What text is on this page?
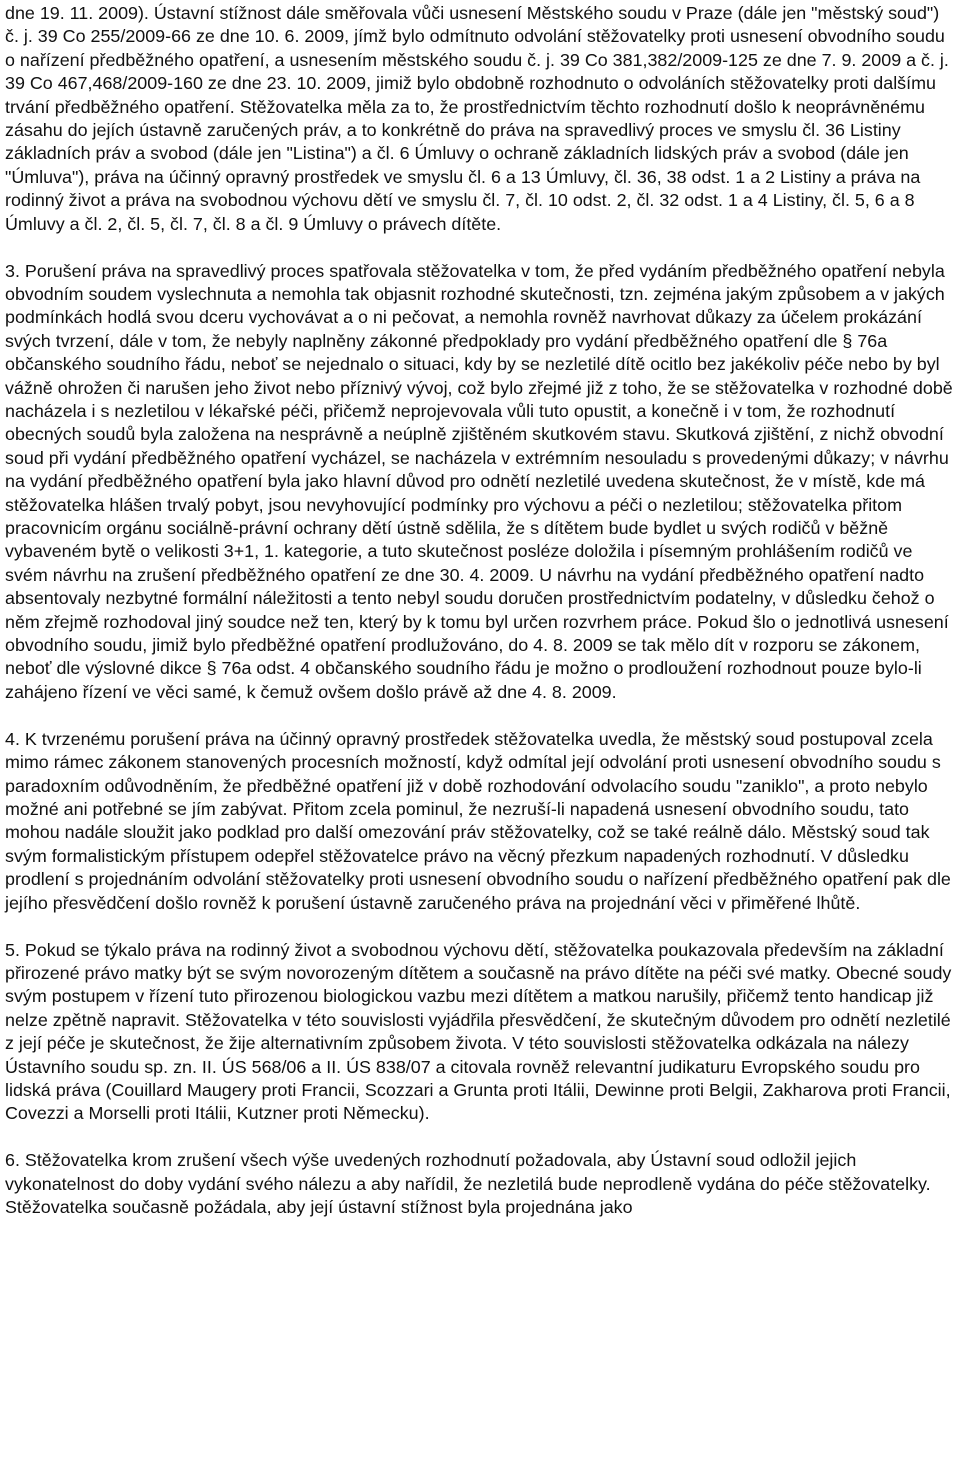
dne 19. 11. 2009). Ústavní stížnost dále směřovala vůči usnesení Městského soudu v Praze (dále jen "městský soud") č. j. 39 Co 255/2009-66 ze dne 10. 6. 2009, jímž bylo odmítnuto odvolání stěžovatelky proti usnesení obvodního soudu o nařízení předběžného opatření, a usnesením městského soudu č. j. 39 Co 381,382/2009-125 ze dne 7. 9. 2009 a č. j. 39 Co 467,468/2009-160 ze dne 23. 10. 2009, jimiž bylo obdobně rozhodnuto o odvoláních stěžovatelky proti dalšímu trvání předběžného opatření. Stěžovatelka měla za to, že prostřednictvím těchto rozhodnutí došlo k neoprávněnému zásahu do jejích ústavně zaručených práv, a to konkrétně do práva na spravedlivý proces ve smyslu čl. 36 Listiny základních práv a svobod (dále jen "Listina") a čl. 6 Úmluvy o ochraně základních lidských práv a svobod (dále jen "Úmluva"), práva na účinný opravný prostředek ve smyslu čl. 6 a 13 Úmluvy, čl. 36, 38 odst. 1 a 2 Listiny a práva na rodinný život a práva na svobodnou výchovu dětí ve smyslu čl. 7, čl. 10 odst. 2, čl. 32 odst. 1 a 4 Listiny, čl. 5, 6 a 8 Úmluvy a čl. 2, čl. 5, čl. 7, čl. 8 a čl. 9 Úmluvy o právech dítěte.

3. Porušení práva na spravedlivý proces spatřovala stěžovatelka v tom, že před vydáním předběžného opatření nebyla obvodním soudem vyslechnuta a nemohla tak objasnit rozhodné skutečnosti, tzn. zejména jakým způsobem a v jakých podmínkách hodlá svou dceru vychovávat a o ni pečovat, a nemohla rovněž navrhovat důkazy za účelem prokázání svých tvrzení, dále v tom, že nebyly naplněny zákonné předpoklady pro vydání předběžného opatření dle § 76a občanského soudního řádu, neboť se nejednalo o situaci, kdy by se nezletilé dítě ocitlo bez jakékoliv péče nebo by byl vážně ohrožen či narušen jeho život nebo příznivý vývoj, což bylo zřejmé již z toho, že se stěžovatelka v rozhodné době nacházela i s nezletilou v lékařské péči, přičemž neprojevovala vůli tuto opustit, a konečně i v tom, že rozhodnutí obecných soudů byla založena na nesprávně a neúplně zjištěném skutkovém stavu. Skutková zjištění, z nichž obvodní soud při vydání předběžného opatření vycházel, se nacházela v extrémním nesouladu s provedenými důkazy; v návrhu na vydání předběžného opatření byla jako hlavní důvod pro odnětí nezletilé uvedena skutečnost, že v místě, kde má stěžovatelka hlášen trvalý pobyt, jsou nevyhovující podmínky pro výchovu a péči o nezletilou; stěžovatelka přitom pracovnicím orgánu sociálně-právní ochrany dětí ústně sdělila, že s dítětem bude bydlet u svých rodičů v běžně vybaveném bytě o velikosti 3+1, 1. kategorie, a tuto skutečnost posléze doložila i písemným prohlášením rodičů ve svém návrhu na zrušení předběžného opatření ze dne 30. 4. 2009. U návrhu na vydání předběžného opatření nadto absentovaly nezbytné formální náležitosti a tento nebyl soudu doručen prostřednictvím podatelny, v důsledku čehož o něm zřejmě rozhodoval jiný soudce než ten, který by k tomu byl určen rozvrhem práce. Pokud šlo o jednotlivá usnesení obvodního soudu, jimiž bylo předběžné opatření prodlužováno, do 4. 8. 2009 se tak mělo dít v rozporu se zákonem, neboť dle výslovné dikce § 76a odst. 4 občanského soudního řádu je možno o prodloužení rozhodnout pouze bylo-li zahájeno řízení ve věci samé, k čemuž ovšem došlo právě až dne 4. 8. 2009.

4. K tvrzenému porušení práva na účinný opravný prostředek stěžovatelka uvedla, že městský soud postupoval zcela mimo rámec zákonem stanovených procesních možností, když odmítal její odvolání proti usnesení obvodního soudu s paradoxním odůvodněním, že předběžné opatření již v době rozhodování odvolacího soudu "zaniklo", a proto nebylo možné ani potřebné se jím zabývat. Přitom zcela pominul, že nezruší-li napadená usnesení obvodního soudu, tato mohou nadále sloužit jako podklad pro další omezování práv stěžovatelky, což se také reálně dálo. Městský soud tak svým formalistickým přístupem odepřel stěžovatelce právo na věcný přezkum napadených rozhodnutí. V důsledku prodlení s projednáním odvolání stěžovatelky proti usnesení obvodního soudu o nařízení předběžného opatření pak dle jejího přesvědčení došlo rovněž k porušení ústavně zaručeného práva na projednání věci v přiměřené lhůtě.

5. Pokud se týkalo práva na rodinný život a svobodnou výchovu dětí, stěžovatelka poukazovala především na základní přirozené právo matky být se svým novorozeným dítětem a současně na právo dítěte na péči své matky. Obecné soudy svým postupem v řízení tuto přirozenou biologickou vazbu mezi dítětem a matkou narušily, přičemž tento handicap již nelze zpětně napravit. Stěžovatelka v této souvislosti vyjádřila přesvědčení, že skutečným důvodem pro odnětí nezletilé z její péče je skutečnost, že žije alternativním způsobem života. V této souvislosti stěžovatelka odkázala na nálezy Ústavního soudu sp. zn. II. ÚS 568/06 a II. ÚS 838/07 a citovala rovněž relevantní judikaturu Evropského soudu pro lidská práva (Couillard Maugery proti Francii, Scozzari a Grunta proti Itálii, Dewinne proti Belgii, Zakharova proti Francii, Covezzi a Morselli proti Itálii, Kutzner proti Německu).

6. Stěžovatelka krom zrušení všech výše uvedených rozhodnutí požadovala, aby Ústavní soud odložil jejich vykonatelnost do doby vydání svého nálezu a aby nařídil, že nezletilá bude neprodleně vydána do péče stěžovatelky. Stěžovatelka současně požádala, aby její ústavní stížnost byla projednána jako
